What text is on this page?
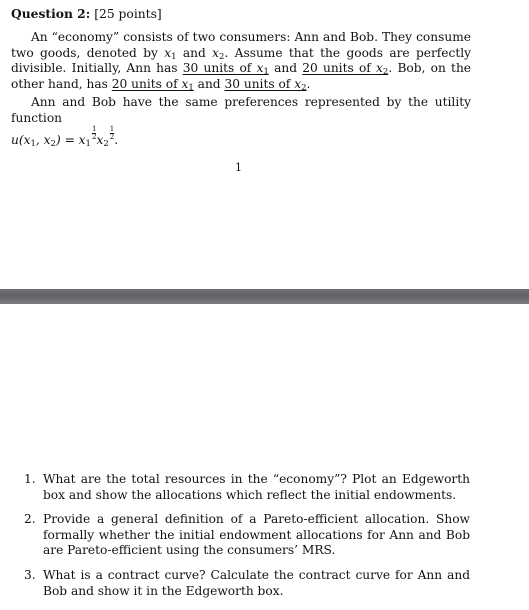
Question 2: [25 points]
An “economy” consists of two consumers: Ann and Bob. They consume two goods, denoted by $x_1$ and $x_2$. Assume that the goods are perfectly divisible. Initially, Ann has 30 units of $x_1$ and 20 units of $x_2$. Bob, on the other hand, has 20 units of $x_1$ and 30 units of $x_2$.
Ann and Bob have the same preferences represented by the utility function
$u(x_1$, $x_2) = x_1$
$\frac{1}{2} x_2$
$\frac{1}{2}$ .
1
1. What are the total resources in the “economy”? Plot an Edgeworth box and show the allocations which reflect the initial endowments.
2. Provide a general definition of a Pareto-efficient allocation. Show formally whether the initial endowment allocations for Ann and Bob are Pareto-efficient using the consumers’ MRS.
3. What is a contract curve? Calculate the contract curve for Ann and Bob and show it in the Edgeworth box.
